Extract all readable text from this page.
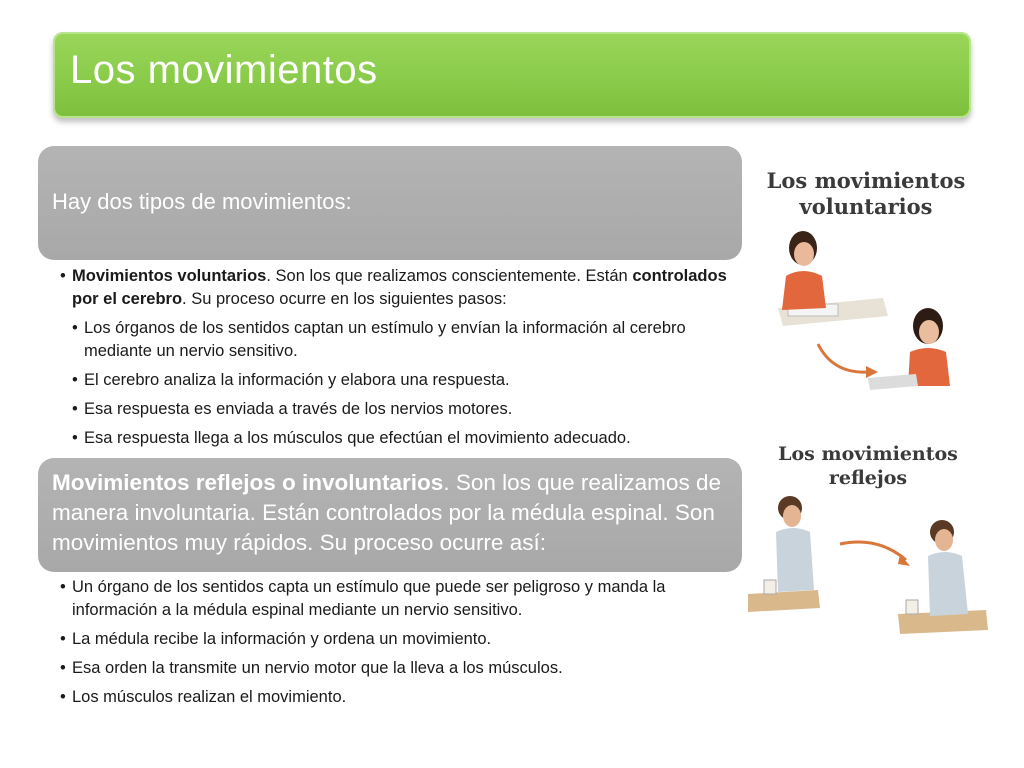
Los movimientos
Hay dos tipos de movimientos:
• Movimientos voluntarios. Son los que realizamos conscientemente. Están controlados por el cerebro. Su proceso ocurre en los siguientes pasos:
• Los órganos de los sentidos captan un estímulo y envían la información al cerebro mediante un nervio sensitivo.
• El cerebro analiza la información y elabora una respuesta.
• Esa respuesta es enviada a través de los nervios motores.
• Esa respuesta llega a los músculos que efectúan el movimiento adecuado.
Movimientos reflejos o involuntarios. Son los que realizamos de manera involuntaria. Están controlados por la médula espinal. Son movimientos muy rápidos. Su proceso ocurre así:
• Un órgano de los sentidos capta un estímulo que puede ser peligroso y manda la información a la médula espinal mediante un nervio sensitivo.
• La médula recibe la información y ordena un movimiento.
• Esa orden la transmite un nervio motor que la lleva a los músculos.
• Los músculos realizan el movimiento.
Los movimientos
voluntarios
Los movimientos
reflejos
